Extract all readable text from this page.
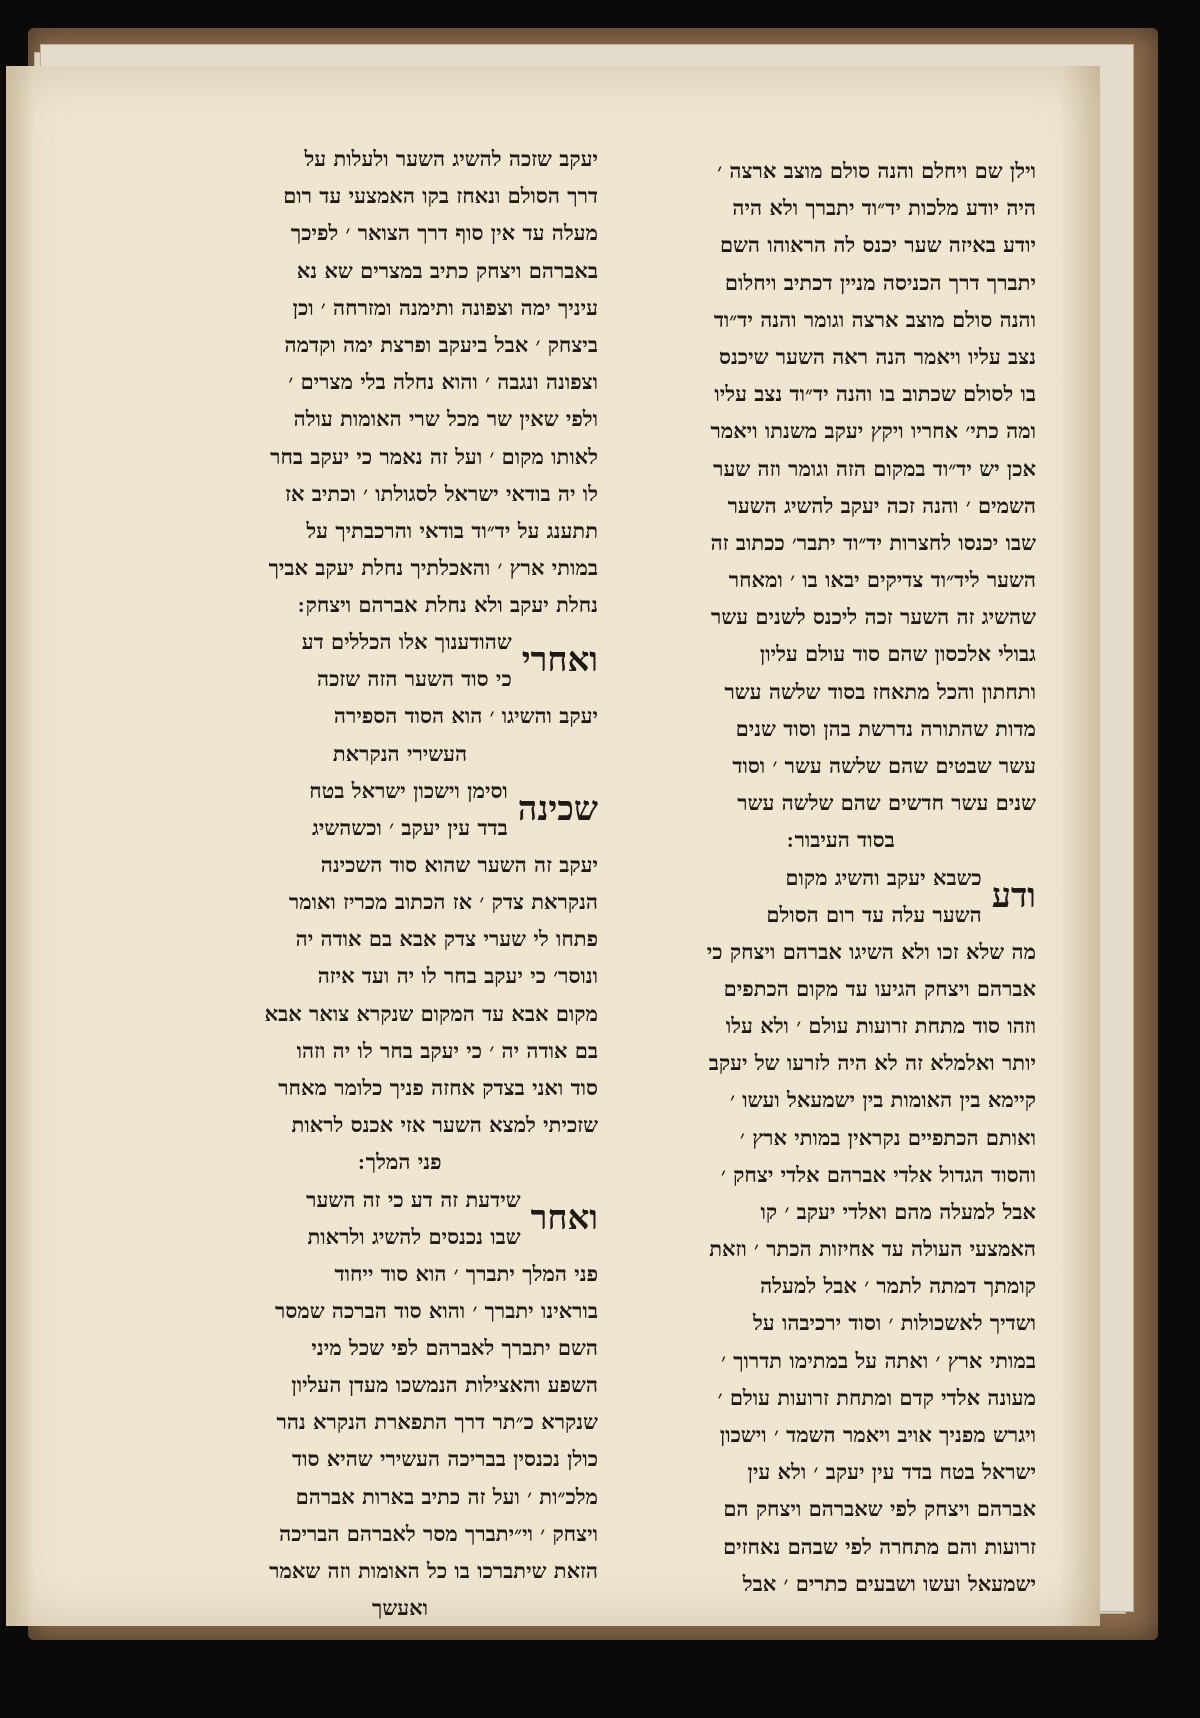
וילן שם ויחלם והנה סולם מוצב ארצה ׳
היה יודע מלכות יד״וד יתברך ולא היה
יודע באיזה שער יכנס לה הראוהו השם
יתברך דרך הכניסה מניין דכתיב ויחלום
והנה סולם מוצב ארצה וגומר והנה יד״וד
נצב עליו ויאמר הנה ראה השער שיכנס
בו לסולם שכתוב בו והנה יד״וד נצב עליו
ומה כתי׳ אחריו ויקץ יעקב משנתו ויאמר
אכן יש יד״וד במקום הזה וגומר וזה שער
השמים ׳ והנה זכה יעקב להשיג השער
שבו יכנסו לחצרות יד״וד יתבר׳ ככתוב זה
השער ליד״וד צדיקים יבאו בו ׳ ומאחר
שהשיג זה השער זכה ליכנס לשנים עשר
גבולי אלכסון שהם סוד עולם עליון
ותחתון והכל מתאחז בסוד שלשה עשר
מדות שהתורה נדרשת בהן וסוד שנים
עשר שבטים שהם שלשה עשר ׳ וסוד
שנים עשר חדשים שהם שלשה עשר
בסוד העיבור ׃
ודע
כשבא יעקב והשיג מקום
השער עלה עד רום הסולם
מה שלא זכו ולא השיגו אברהם ויצחק כי
אברהם ויצחק הגיעו עד מקום הכתפים
וזהו סוד מתחת זרועות עולם ׳ ולא עלו
יותר ואלמלא זה לא היה לזרעו של יעקב
קיימא בין האומות בין ישמעאל ועשו ׳
ואותם הכתפיים נקראין במותי ארץ ׳
והסוד הגדול אלדי אברהם אלדי יצחק ׳
אבל למעלה מהם ואלדי יעקב ׳ קו
האמצעי העולה עד אחיזות הכתר ׳ וזאת
קומתך דמתה לתמר ׳ אבל למעלה
ושדיך לאשכולות ׳ וסוד ירכיבהו על
במותי ארץ ׳ ואתה על במתימו תדרוך ׳
מעונה אלדי קדם ומתחת זרועות עולם ׳
ויגרש מפניך אויב ויאמר השמד ׳ וישכון
ישראל בטח בדד עין יעקב ׳ ולא עין
אברהם ויצחק לפי שאברהם ויצחק הם
זרועות והם מתחרה לפי שבהם נאחזים
ישמעאל ועשו ושבעים כתרים ׳ אבל
יעקב שזכה להשיג השער ולעלות על
דרך הסולם ונאחז בקו האמצעי עד רום
מעלה עד אין סוף דרך הצואר ׳ לפיכך
באברהם ויצחק כתיב במצרים שא נא
עיניך ימה וצפונה ותימנה ומזרחה ׳ וכן
ביצחק ׳ אבל ביעקב ופרצת ימה וקדמה
וצפונה ונגבה ׳ והוא נחלה בלי מצרים ׳
ולפי שאין שר מכל שרי האומות עולה
לאותו מקום ׳ ועל זה נאמר כי יעקב בחר
לו יה בודאי ישראל לסגולתו ׳ וכתיב אז
תתענג על יד״וד בודאי והרכבתיך על
במותי ארץ ׳ והאכלתיך נחלת יעקב אביך
נחלת יעקב ולא נחלת אברהם ויצחק ׃
ואחרי
שהודענוך אלו הכללים דע
כי סוד השער הזה שזכה
יעקב והשיגו ׳ הוא הסוד הספירה
העשירי הנקראת
שכינה
וסימן וישכון ישראל בטח
בדד עין יעקב ׳ וכשהשיג
יעקב זה השער שהוא סוד השכינה
הנקראת צדק ׳ אז הכתוב מכריז ואומר
פתחו לי שערי צדק אבא בם אודה יה
ונוסר׳ כי יעקב בחר לו יה ועד איזה
מקום אבא עד המקום שנקרא צואר אבא
בם אודה יה ׳ כי יעקב בחר לו יה וזהו
סוד ואני בצדק אחזה פניך כלומר מאחר
שזכיתי למצא השער אזי אכנס לראות
פני המלך ׃
ואחר
שידעת זה דע כי זה השער
שבו נכנסים להשיג ולראות
פני המלך יתברך ׳ הוא סוד ייחוד
בוראינו יתברך ׳ והוא סוד הברכה שמסר
השם יתברך לאברהם לפי שכל מיני
השפע והאצילות הנמשכו מעדן העליון
שנקרא כ״תר דרך התפארת הנקרא נהר
כולן נכנסין בבריכה העשירי שהיא סוד
מלכ״ות ׳ ועל זה כתיב בארות אברהם
ויצחק ׳ וי״יתברך מסר לאברהם הבריכה
הזאת שיתברכו בו כל האומות וזה שאמר
ואעשך
